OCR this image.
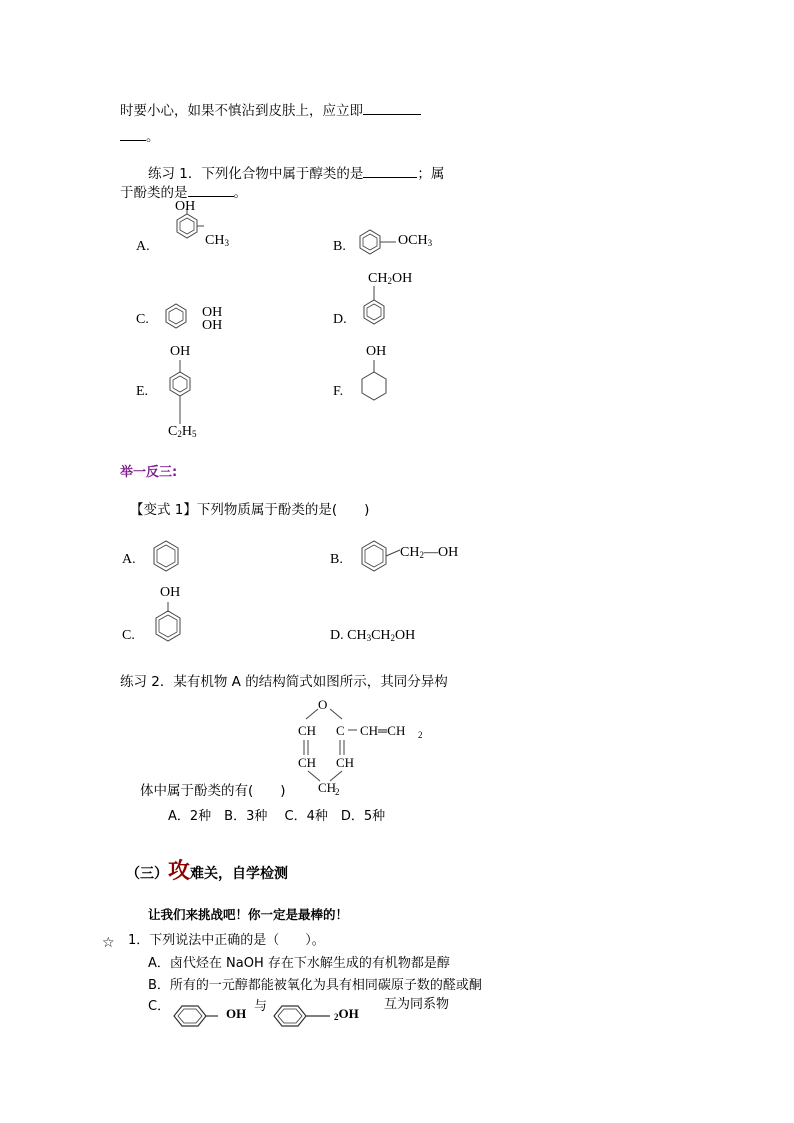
时要小心，如果不慎沾到皮肤上，应立即
。
练习 1．下列化合物中属于醇类的是	；属
于酚类的是	。
A.
OH
$CH_3$	B.	$OCH_3$
C.	OH
OH	D.
$CH_2OH$
E.
OH
$C_2H_5$
F.
OH
举一反三:
【变式 1】下列物质属于酚类的是(　　)
A.	B.	$CH_2—OH$
C.
OH
D. $CH_3CH_2OH$
练习 2．某有机物 A 的结构简式如图所示，其同分异构
O
CH C CH═CH 2
CH CH
CH
2
体中属于酚类的有(　　)
A．2种　B．3种　 C．4种　D．5种
（三）攻难关，自学检测
让我们来挑战吧！你一定是最棒的！
☆ 1．下列说法中正确的是（　　）。
A．卤代烃在 NaOH 存在下水解生成的有机物都是醇
B．所有的一元醇都能被氧化为具有相同碳原子数的醛或酮
C．	OH 与
$_2$OH
互为同系物
